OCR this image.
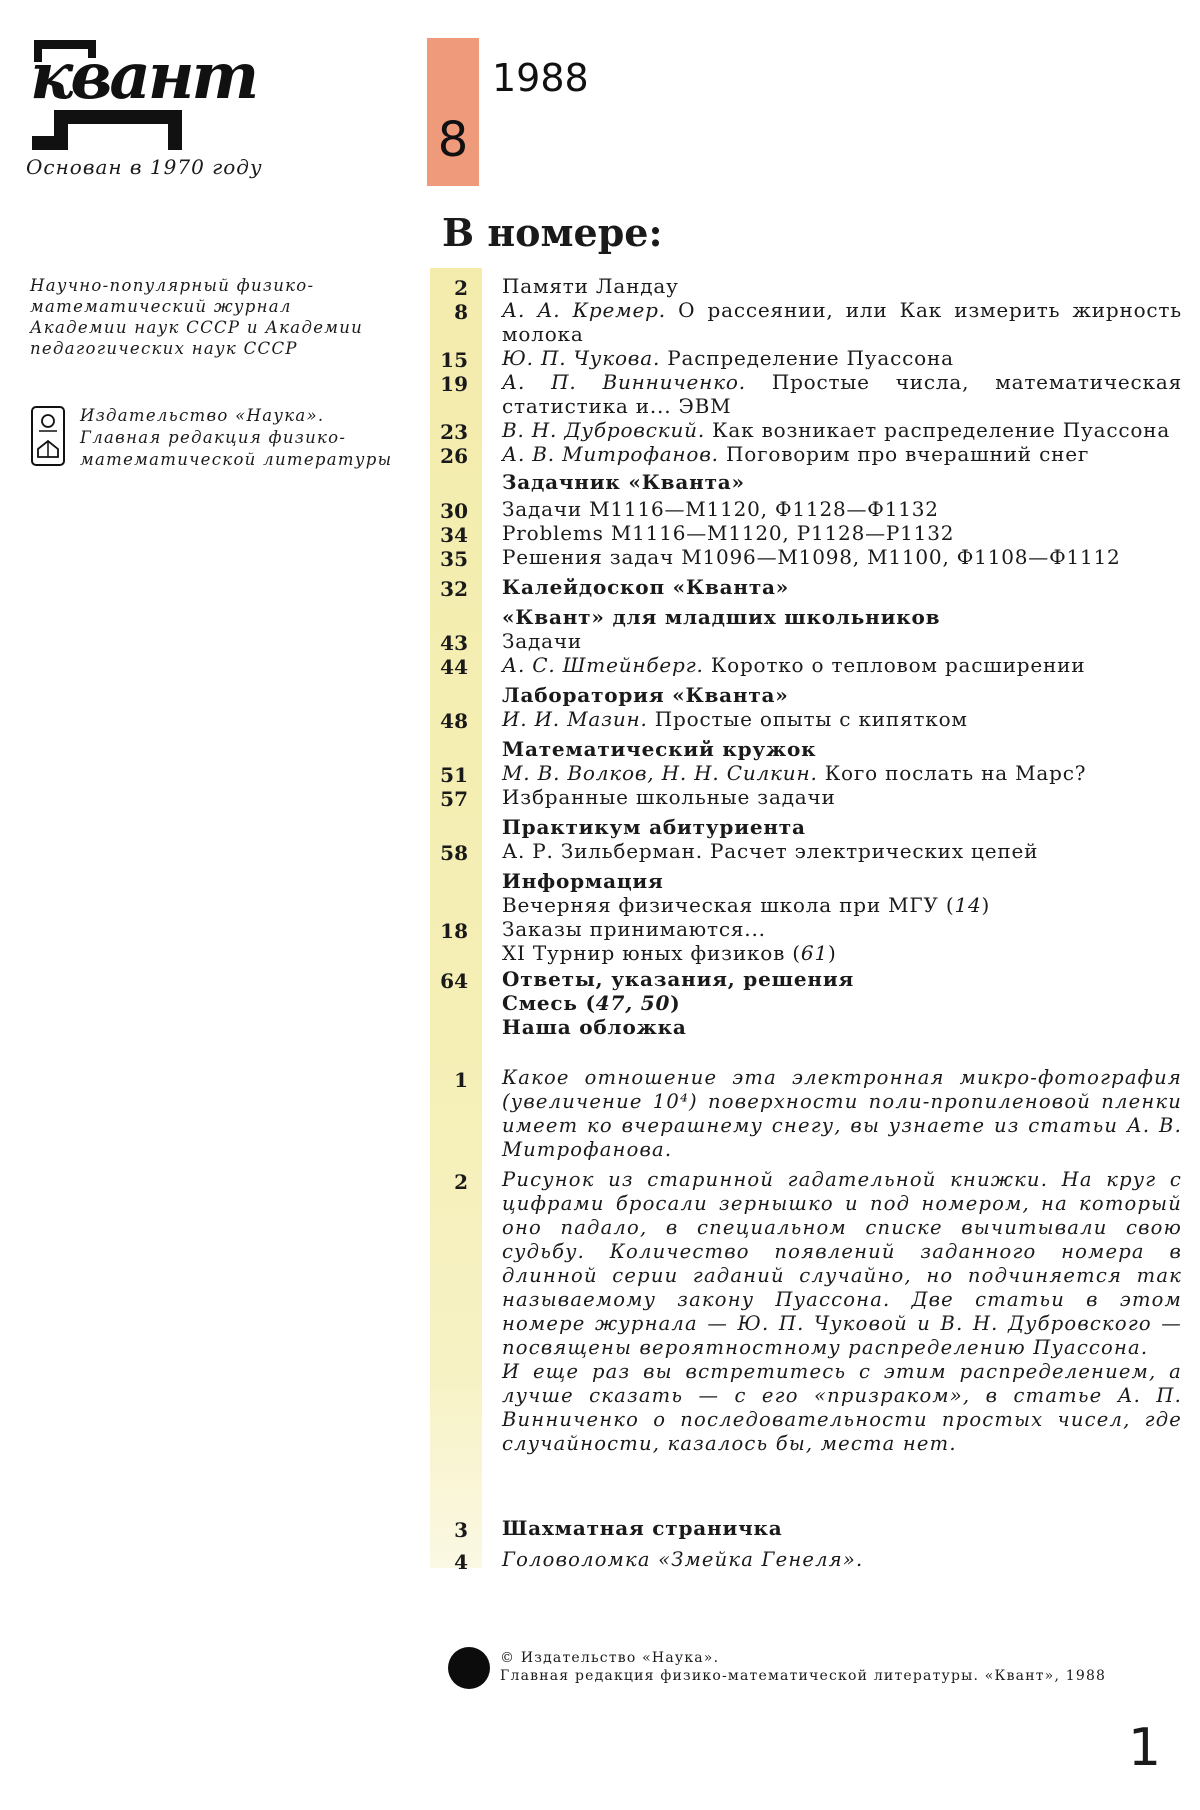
квант
Основан в 1970 году	8
1988
В номере:
Научно-популярный физико-математический журнал Академии наук СССР и Академии педагогических наук СССР
Издательство «Наука». Главная редакция физико-математической литературы
2 Памяти Ландау
8 А. А. Кремер. О рассеянии, или Как измерить жирность молока
15 Ю. П. Чукова. Распределение Пуассона
19 А. П. Винниченко. Простые числа, математическая статистика и... ЭВМ
23 В. Н. Дубровский. Как возникает распределение Пуассона
26 А. В. Митрофанов. Поговорим про вчерашний снег
Задачник «Кванта»
30 Задачи М1116—М1120, Ф1128—Ф1132
34 Problems M1116—M1120, P1128—P1132
35 Решения задач М1096—М1098, М1100, Ф1108—Ф1112
32 Калейдоскоп «Кванта»
«Квант» для младших школьников
43 Задачи
44 А. С. Штейнберг. Коротко о тепловом расширении
Лаборатория «Кванта»
48 И. И. Мазин. Простые опыты с кипятком
Математический кружок
51 М. В. Волков, Н. Н. Силкин. Кого послать на Марс?
57 Избранные школьные задачи
Практикум абитуриента
58 А. Р. Зильберман. Расчет электрических цепей
Информация
Вечерняя физическая школа при МГУ (14)
18 Заказы принимаются...
XI Турнир юных физиков (61)
64 Ответы, указания, решения
Смесь (47, 50)
Наша обложка
1 Какое отношение эта электронная микро-фотография (увеличение 10⁴) поверхности поли-пропиленовой пленки имеет ко вчерашнему снегу, вы узнаете из статьи А. В. Митрофанова.
2 Рисунок из старинной гадательной книжки. На круг с цифрами бросали зернышко и под номером, на который оно падало, в специальном списке вычитывали свою судьбу. Количество появлений заданного номера в длинной серии гаданий случайно, но подчиняется так называемому закону Пуассона. Две статьи в этом номере журнала — Ю. П. Чуковой и В. Н. Дубровского — посвящены вероятностному распределению Пуассона.
И еще раз вы встретитесь с этим распределением, а лучше сказать — с его «призраком», в статье А. П. Винниченко о последовательности простых чисел, где случайности, казалось бы, места нет.
3 Шахматная страничка
4 Головоломка «Змейка Генеля».
© Издательство «Наука».
Главная редакция физико-математической литературы. «Квант», 1988
1
